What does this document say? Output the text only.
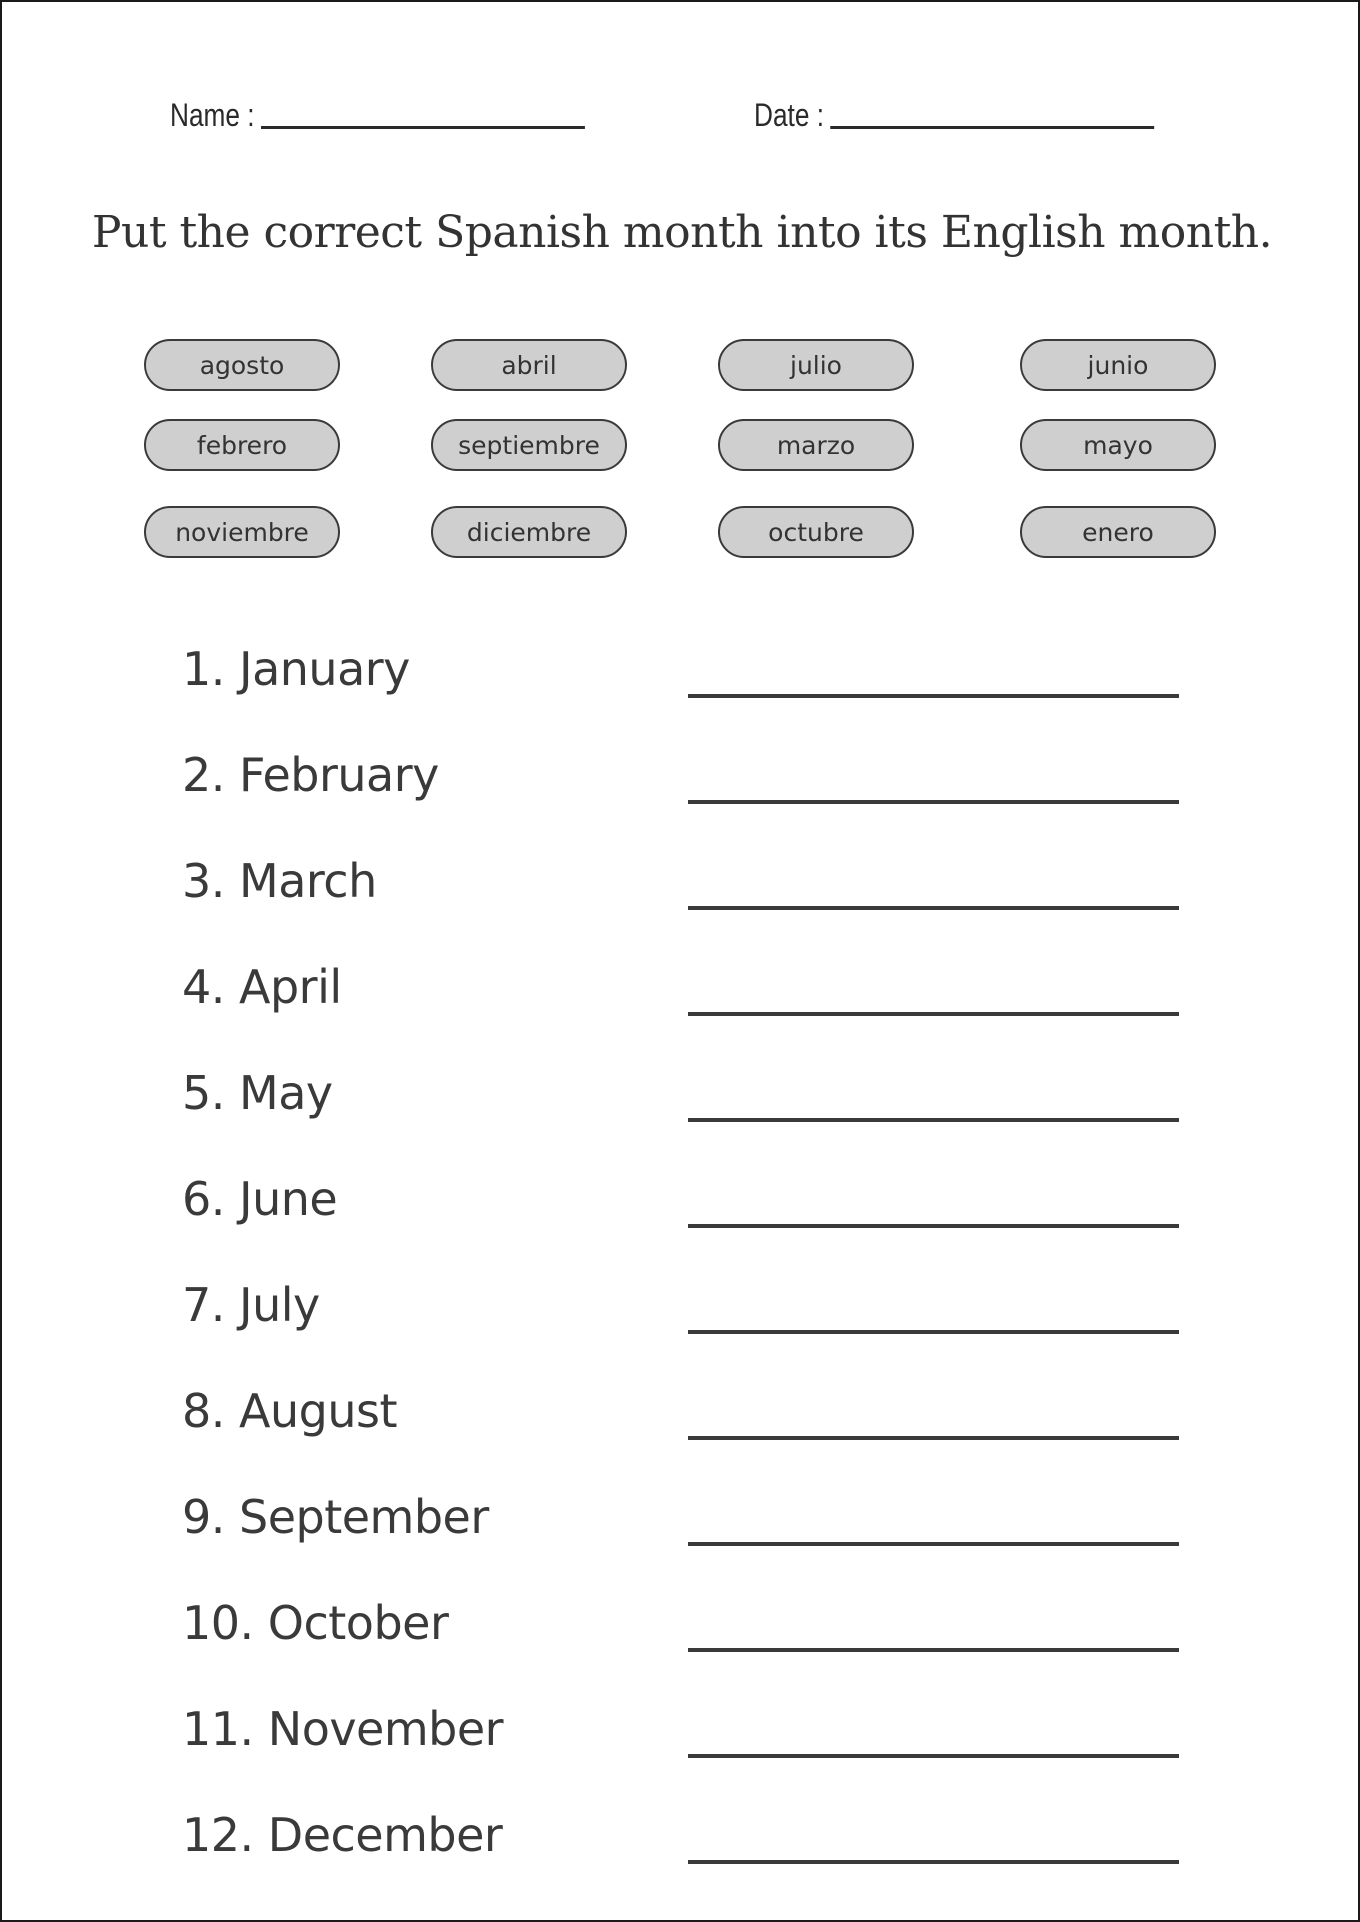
Name :	Date :
Put the correct Spanish month into its English month.
agosto	abril	julio	junio
febrero	septiembre	marzo	mayo
noviembre	diciembre	octubre	enero
1. January
2. February
3. March
4. April
5. May
6. June
7. July
8. August
9. September
10. October
11. November
12. December
